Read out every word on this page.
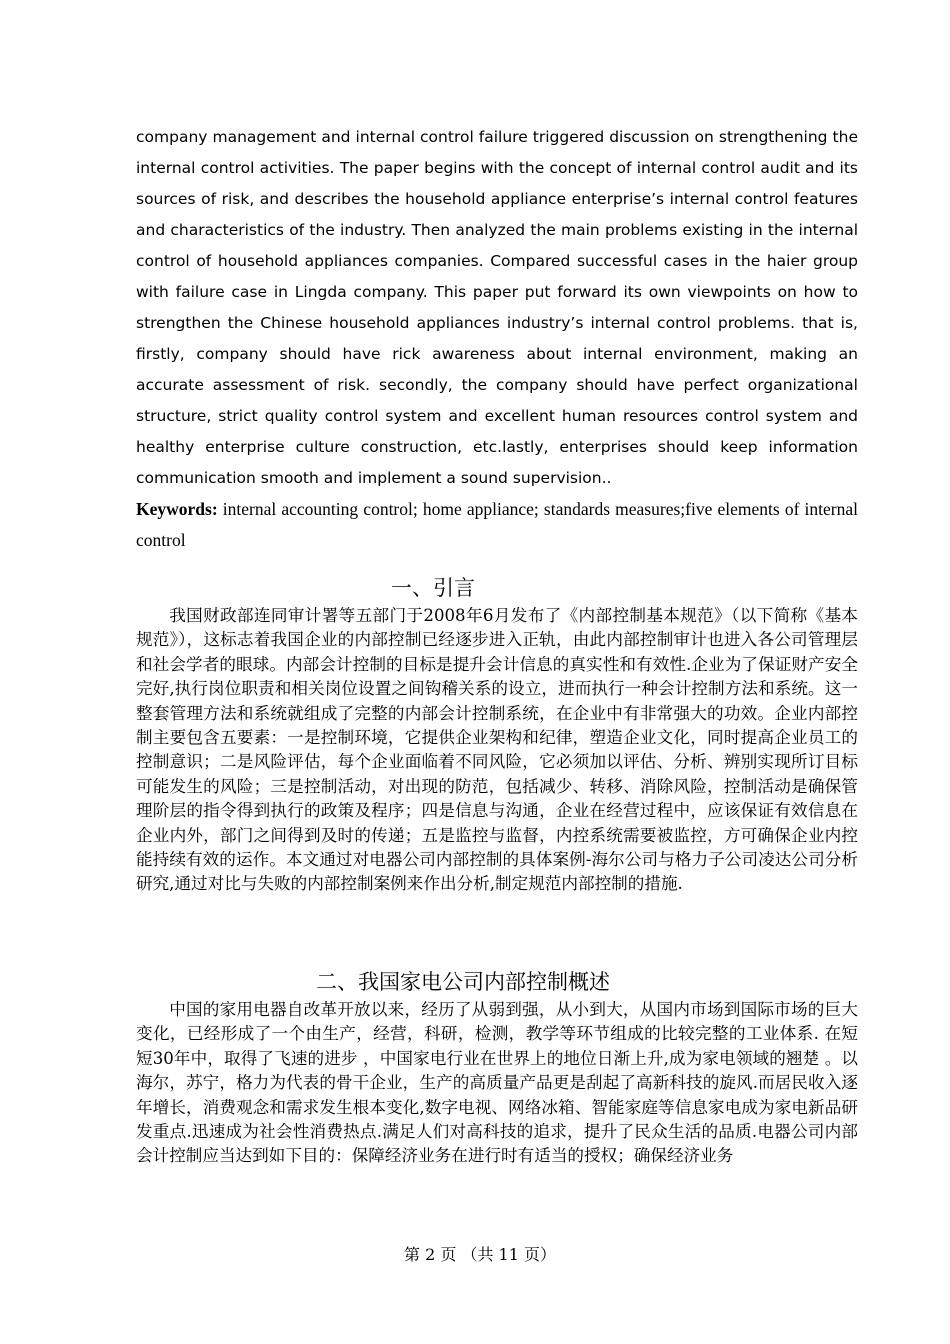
company management and internal control failure triggered discussion on strengthening the internal control activities. The paper begins with the concept of internal control audit and its sources of risk, and describes the household appliance enterprise’s internal control features and characteristics of the industry. Then analyzed the main problems existing in the internal control of household appliances companies. Compared successful cases in the haier group with failure case in Lingda company. This paper put forward its own viewpoints on how to strengthen the Chinese household appliances industry’s internal control problems. that is, firstly, company should have rick awareness about internal environment, making an accurate assessment of risk. secondly, the company should have perfect organizational structure, strict quality control system and excellent human resources control system and healthy enterprise culture construction, etc.lastly, enterprises should keep information communication smooth and implement a sound supervision..

Keywords: internal accounting control; home appliance; standards measures;five elements of internal control

一、引言

我国财政部连同审计署等五部门于2008年6月发布了《内部控制基本规范》（以下简称《基本规范》），这标志着我国企业的内部控制已经逐步进入正轨，由此内部控制审计也进入各公司管理层和社会学者的眼球。内部会计控制的目标是提升会计信息的真实性和有效性.企业为了保证财产安全完好,执行岗位职责和相关岗位设置之间钩稽关系的设立，进而执行一种会计控制方法和系统。这一整套管理方法和系统就组成了完整的内部会计控制系统，在企业中有非常强大的功效。企业内部控制主要包含五要素：一是控制环境，它提供企业架构和纪律，塑造企业文化，同时提高企业员工的控制意识；二是风险评估，每个企业面临着不同风险，它必须加以评估、分析、辨别实现所订目标可能发生的风险；三是控制活动，对出现的防范，包括减少、转移、消除风险，控制活动是确保管理阶层的指令得到执行的政策及程序；四是信息与沟通，企业在经营过程中，应该保证有效信息在企业内外，部门之间得到及时的传递；五是监控与监督，内控系统需要被监控，方可确保企业内控能持续有效的运作。本文通过对电器公司内部控制的具体案例-海尔公司与格力子公司凌达公司分析研究,通过对比与失败的内部控制案例来作出分析,制定规范内部控制的措施.

二、我国家电公司内部控制概述

中国的家用电器自改革开放以来，经历了从弱到强，从小到大，从国内市场到国际市场的巨大变化，已经形成了一个由生产，经营，科研，检测，教学等环节组成的比较完整的工业体系. 在短短30年中，取得了飞速的进步 ，中国家电行业在世界上的地位日渐上升,成为家电领域的翘楚 。以海尔，苏宁，格力为代表的骨干企业，生产的高质量产品更是刮起了高新科技的旋风.而居民收入逐年增长，消费观念和需求发生根本变化,数字电视、网络冰箱、智能家庭等信息家电成为家电新品研发重点.迅速成为社会性消费热点.满足人们对高科技的追求，提升了民众生活的品质.电器公司内部会计控制应当达到如下目的：保障经济业务在进行时有适当的授权；确保经济业务

第 2 页 （共 11 页）
